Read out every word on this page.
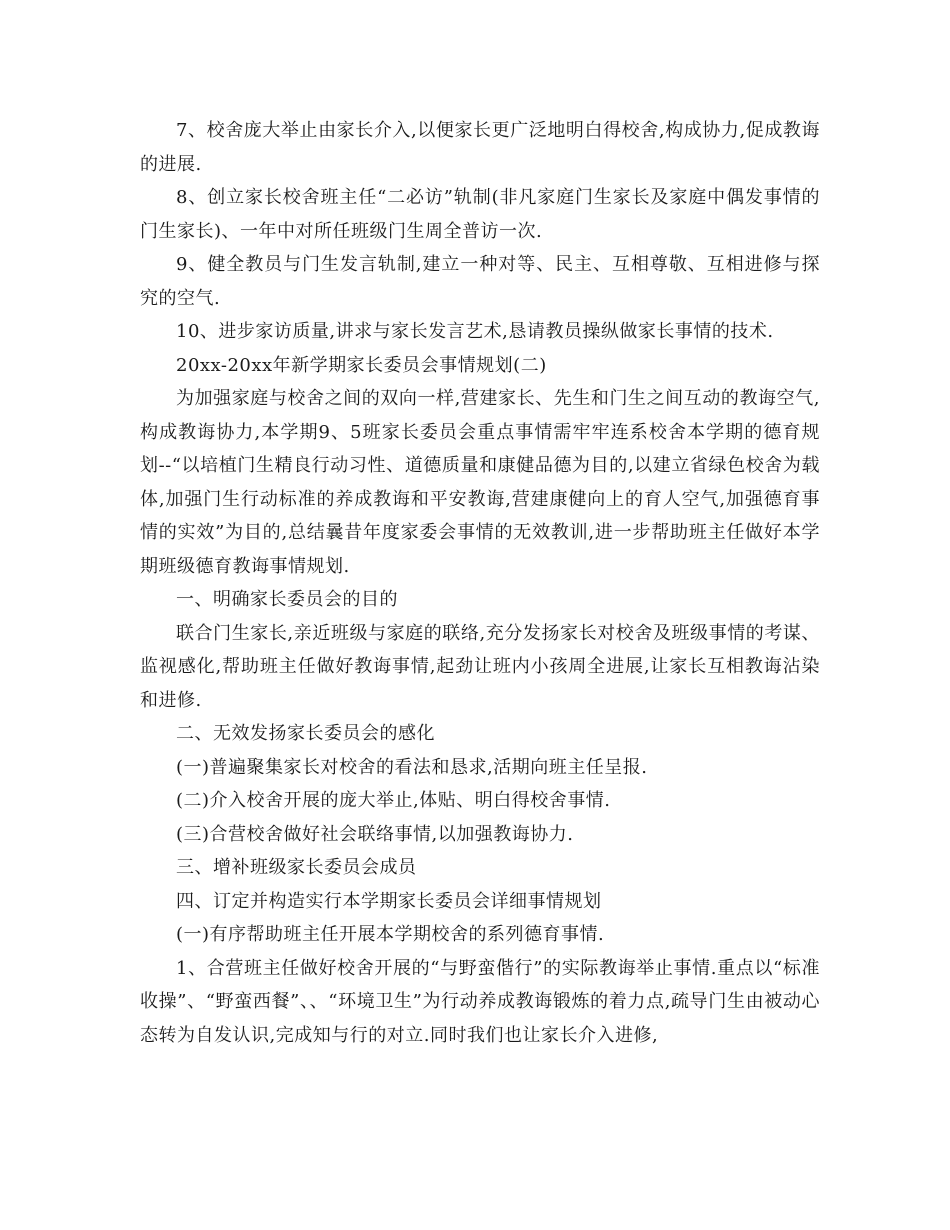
7、校舍庞大举止由家长介入,以便家长更广泛地明白得校舍,构成协力,促成教诲的进展.

8、创立家长校舍班主任“二必访”轨制(非凡家庭门生家长及家庭中偶发事情的门生家长)、一年中对所任班级门生周全普访一次.

9、健全教员与门生发言轨制,建立一种对等、民主、互相尊敬、互相进修与探究的空气.

10、进步家访质量,讲求与家长发言艺术,恳请教员操纵做家长事情的技术.

20xx-20xx年新学期家长委员会事情规划(二)

为加强家庭与校舍之间的双向一样,营建家长、先生和门生之间互动的教诲空气,构成教诲协力,本学期9、5班家长委员会重点事情需牢牢连系校舍本学期的德育规划--“以培植门生精良行动习性、道德质量和康健品德为目的,以建立省绿色校舍为载体,加强门生行动标准的养成教诲和平安教诲,营建康健向上的育人空气,加强德育事情的实效”为目的,总结曩昔年度家委会事情的无效教训,进一步帮助班主任做好本学期班级德育教诲事情规划.

一、明确家长委员会的目的

联合门生家长,亲近班级与家庭的联络,充分发扬家长对校舍及班级事情的考谋、监视感化,帮助班主任做好教诲事情,起劲让班内小孩周全进展,让家长互相教诲沾染和进修.

二、无效发扬家长委员会的感化

(一)普遍聚集家长对校舍的看法和恳求,活期向班主任呈报.

(二)介入校舍开展的庞大举止,体贴、明白得校舍事情.

(三)合营校舍做好社会联络事情,以加强教诲协力.

三、增补班级家长委员会成员

四、订定并构造实行本学期家长委员会详细事情规划

(一)有序帮助班主任开展本学期校舍的系列德育事情.

1、合营班主任做好校舍开展的“与野蛮偕行”的实际教诲举止事情.重点以“标准收操”、“野蛮西餐”、、“环境卫生”为行动养成教诲锻炼的着力点,疏导门生由被动心态转为自发认识,完成知与行的对立.同时我们也让家长介入进修,
